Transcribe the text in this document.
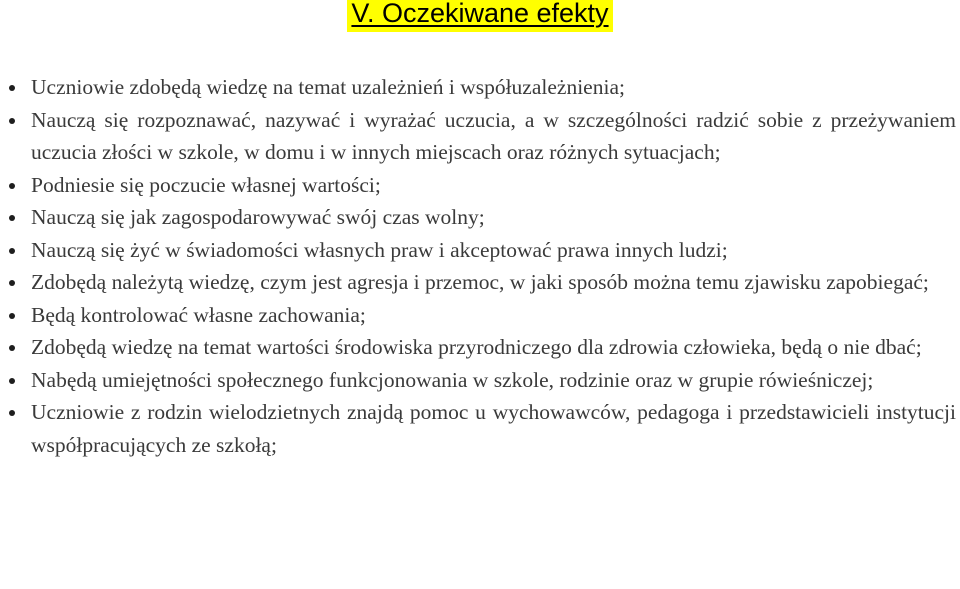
V. Oczekiwane efekty
Uczniowie zdobędą wiedzę na temat uzależnień i współuzależnienia;
Nauczą się rozpoznawać, nazywać i wyrażać uczucia, a w szczególności radzić sobie z przeżywaniem uczucia złości w szkole, w domu i w innych miejscach oraz różnych sytuacjach;
Podniesie się poczucie własnej wartości;
Nauczą się jak zagospodarowywać swój czas wolny;
Nauczą się żyć w świadomości własnych praw i akceptować prawa innych ludzi;
Zdobędą należytą wiedzę, czym jest agresja i przemoc, w jaki sposób można temu zjawisku zapobiegać;
Będą kontrolować własne zachowania;
Zdobędą wiedzę na temat wartości środowiska przyrodniczego dla zdrowia człowieka, będą o nie dbać;
Nabędą umiejętności społecznego funkcjonowania w szkole, rodzinie oraz w grupie rówieśniczej;
Uczniowie z rodzin wielodzietnych znajdą pomoc u wychowawców, pedagoga i przedstawicieli instytucji współpracujących ze szkołą;
